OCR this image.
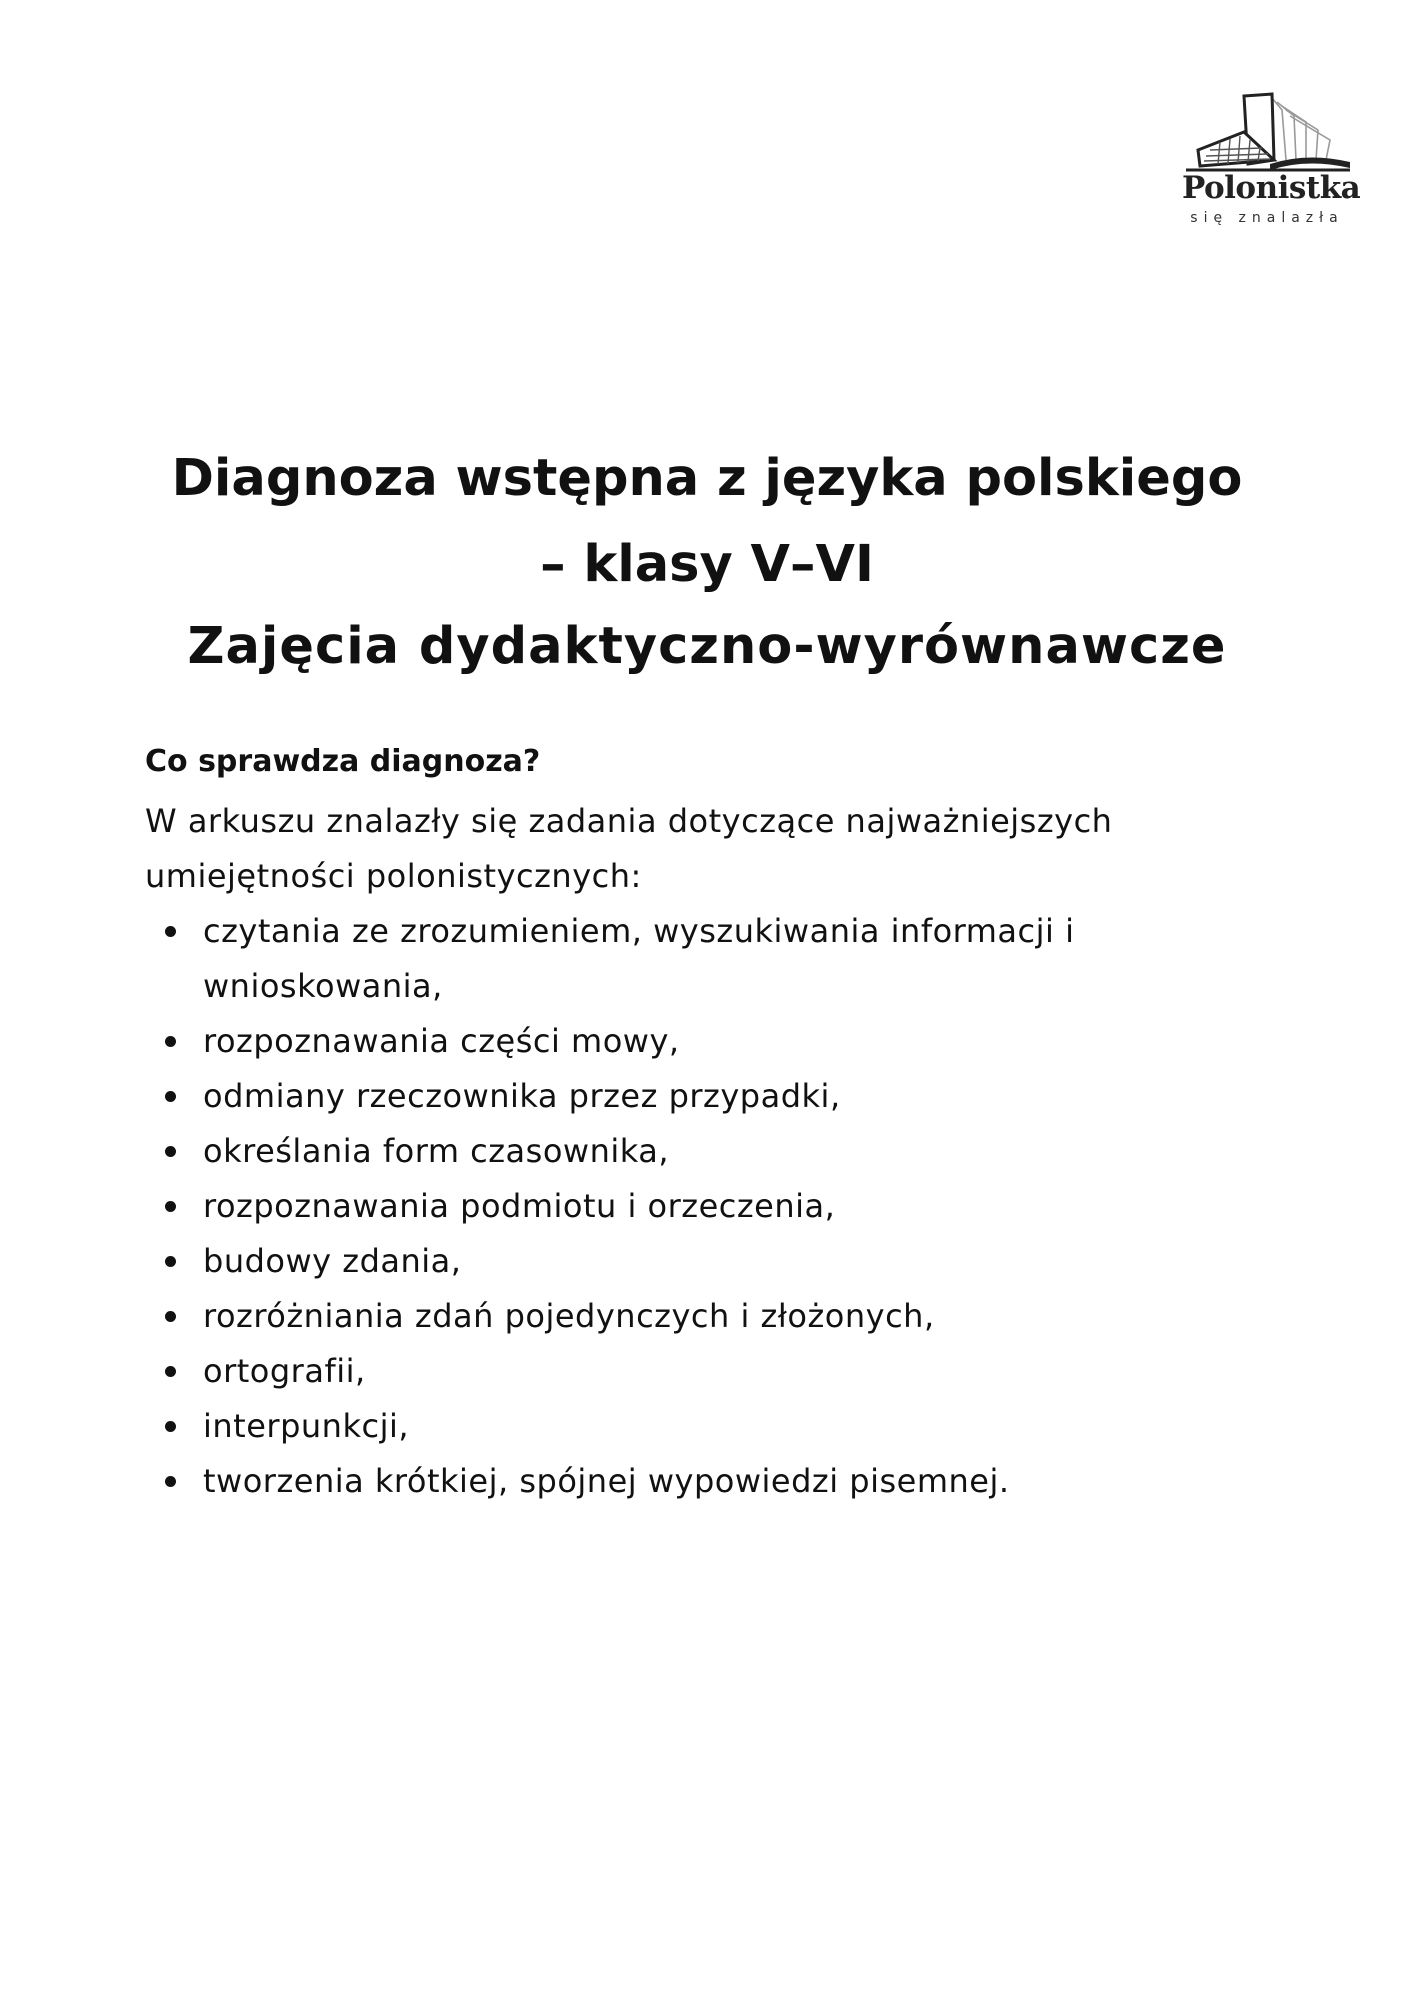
Polonistka
się znalazła
Diagnoza wstępna z języka polskiego
– klasy V–VI
Zajęcia dydaktyczno-wyrównawcze
Co sprawdza diagnoza?

W arkuszu znalazły się zadania dotyczące najważniejszych umiejętności polonistycznych:

czytania ze zrozumieniem, wyszukiwania informacji i wnioskowania,
rozpoznawania części mowy,
odmiany rzeczownika przez przypadki,
określania form czasownika,
rozpoznawania podmiotu i orzeczenia,
budowy zdania,
rozróżniania zdań pojedynczych i złożonych,
ortografii,
interpunkcji,
tworzenia krótkiej, spójnej wypowiedzi pisemnej.
